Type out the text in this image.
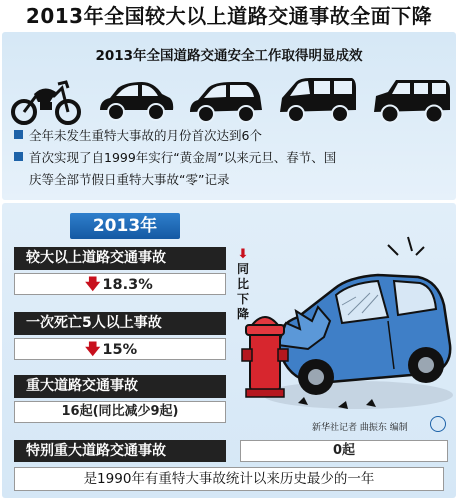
2013年全国较大以上道路交通事故全面下降
2013年全国道路交通安全工作取得明显成效
全年未发生重特大事故的月份首次达到6个
首次实现了自1999年实行“黄金周”以来元旦、春节、国
庆等全部节假日重特大事故“零”记录
2013年
较大以上道路交通事故
🡇 18.3%
一次死亡5人以上事故
🡇 15%
重大道路交通事故
16起(同比减少9起)
⬇
同
比
下
降
新华社记者 曲振东 编制
特别重大道路交通事故	0起
是1990年有重特大事故统计以来历史最少的一年
